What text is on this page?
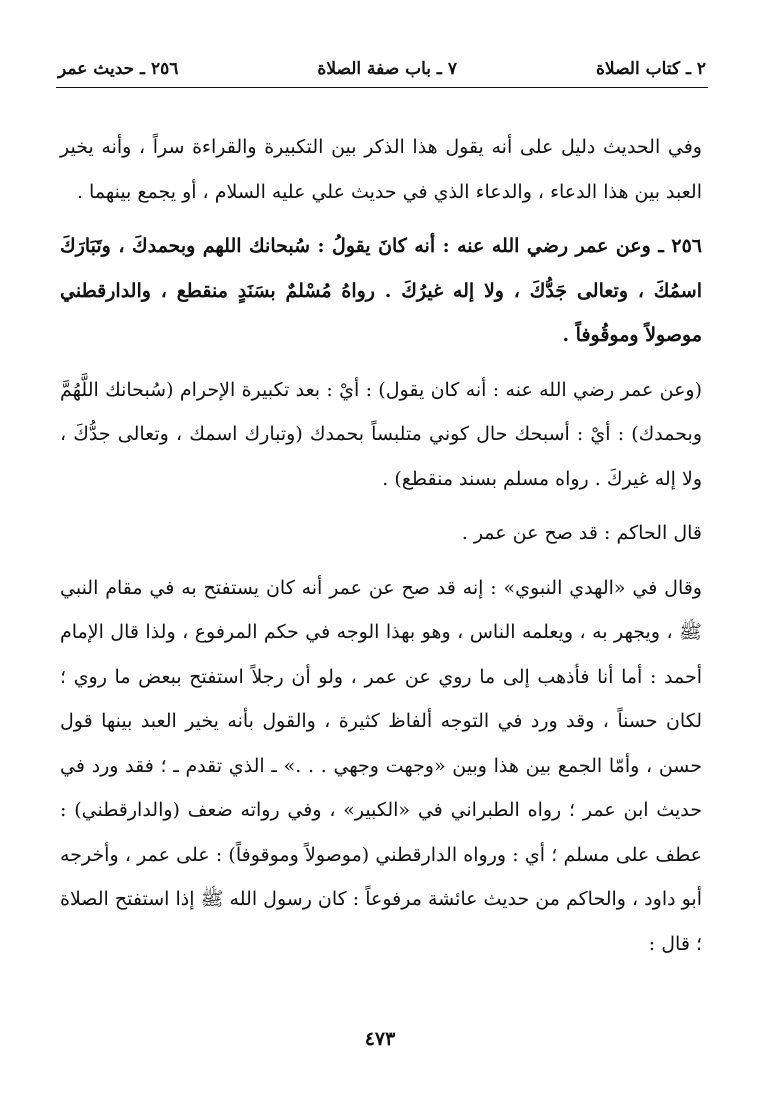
٢ ـ كتاب الصلاة
٧ ـ باب صفة الصلاة
٢٥٦ ـ حديث عمر

وفي الحديث دليل على أنه يقول هذا الذكر بين التكبيرة والقراءة سراً ، وأنه يخير العبد بين هذا الدعاء ، والدعاء الذي في حديث علي عليه السلام ، أو يجمع بينهما .

٢٥٦ ـ وعن عمر رضي الله عنه : أنه كانَ يقولُ : سُبحانك اللهم وبحمدكَ ، وتَبَارَكَ اسمُكَ ، وتعالى جَدُّكَ ، ولا إله غيرُكَ . رواهُ مُسْلمٌ بسَنَدٍ منقطع ، والدارقطني موصولاً وموقُوفاً .

(وعن عمر رضي الله عنه : أنه كان يقول) : أيْ : بعد تكبيرة الإحرام (سُبحانك اللَّهُمَّ وبحمدك) : أيْ : أسبحك حال كوني متلبساً بحمدك (وتبارك اسمك ، وتعالى جدُّكَ ، ولا إله غيركَ . رواه مسلم بسند منقطع) .

قال الحاكم : قد صح عن عمر .

وقال في «الهدي النبوي» : إنه قد صح عن عمر أنه كان يستفتح به في مقام النبي ﷺ ، ويجهر به ، ويعلمه الناس ، وهو بهذا الوجه في حكم المرفوع ، ولذا قال الإمام أحمد : أما أنا فأذهب إلى ما روي عن عمر ، ولو أن رجلاً استفتح ببعض ما روي ؛ لكان حسناً ، وقد ورد في التوجه ألفاظ كثيرة ، والقول بأنه يخير العبد بينها قول حسن ، وأمّا الجمع بين هذا وبين «وجهت وجهي . . .» ـ الذي تقدم ـ ؛ فقد ورد في حديث ابن عمر ؛ رواه الطبراني في «الكبير» ، وفي رواته ضعف (والدارقطني) : عطف على مسلم ؛ أي : ورواه الدارقطني (موصولاً وموقوفاً) : على عمر ، وأخرجه أبو داود ، والحاكم من حديث عائشة مرفوعاً : كان رسول الله ﷺ إذا استفتح الصلاة ؛ قال :

٤٧٣
